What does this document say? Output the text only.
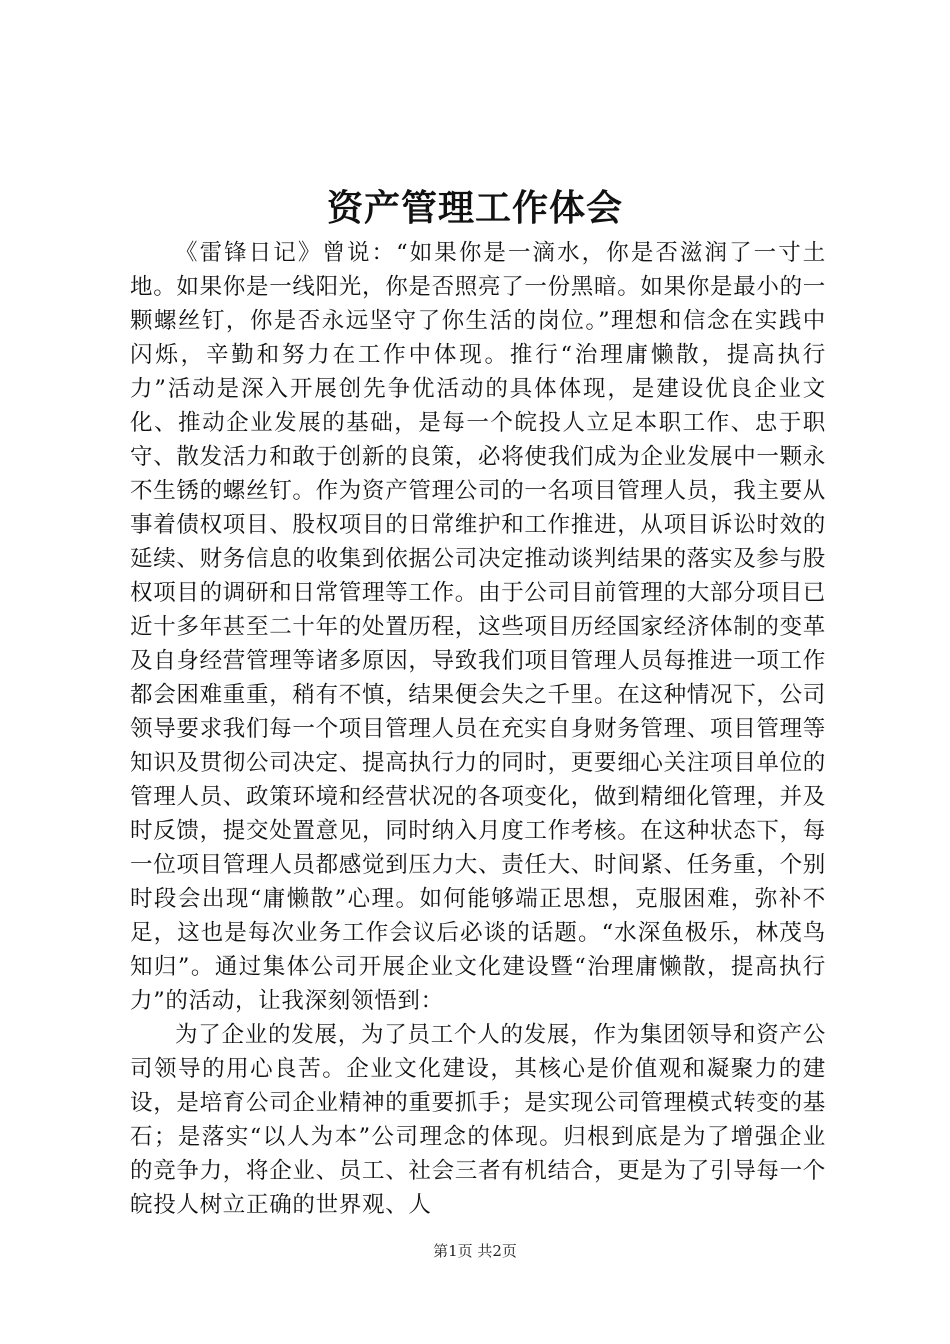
资产管理工作体会

《雷锋日记》曾说：“如果你是一滴水，你是否滋润了一寸土地。如果你是一线阳光，你是否照亮了一份黑暗。如果你是最小的一颗螺丝钉，你是否永远坚守了你生活的岗位。”理想和信念在实践中闪烁，辛勤和努力在工作中体现。推行“治理庸懒散，提高执行力”活动是深入开展创先争优活动的具体体现，是建设优良企业文化、推动企业发展的基础，是每一个皖投人立足本职工作、忠于职守、散发活力和敢于创新的良策，必将使我们成为企业发展中一颗永不生锈的螺丝钉。作为资产管理公司的一名项目管理人员，我主要从事着债权项目、股权项目的日常维护和工作推进，从项目诉讼时效的延续、财务信息的收集到依据公司决定推动谈判结果的落实及参与股权项目的调研和日常管理等工作。由于公司目前管理的大部分项目已近十多年甚至二十年的处置历程，这些项目历经国家经济体制的变革及自身经营管理等诸多原因，导致我们项目管理人员每推进一项工作都会困难重重，稍有不慎，结果便会失之千里。在这种情况下，公司领导要求我们每一个项目管理人员在充实自身财务管理、项目管理等知识及贯彻公司决定、提高执行力的同时，更要细心关注项目单位的管理人员、政策环境和经营状况的各项变化，做到精细化管理，并及时反馈，提交处置意见，同时纳入月度工作考核。在这种状态下，每一位项目管理人员都感觉到压力大、责任大、时间紧、任务重，个别时段会出现“庸懒散”心理。如何能够端正思想，克服困难，弥补不足，这也是每次业务工作会议后必谈的话题。“水深鱼极乐，林茂鸟知归”。通过集体公司开展企业文化建设暨“治理庸懒散，提高执行力”的活动，让我深刻领悟到：

为了企业的发展，为了员工个人的发展，作为集团领导和资产公司领导的用心良苦。企业文化建设，其核心是价值观和凝聚力的建设，是培育公司企业精神的重要抓手；是实现公司管理模式转变的基石；是落实“以人为本”公司理念的体现。归根到底是为了增强企业的竞争力，将企业、员工、社会三者有机结合，更是为了引导每一个皖投人树立正确的世界观、人

第1页 共2页
